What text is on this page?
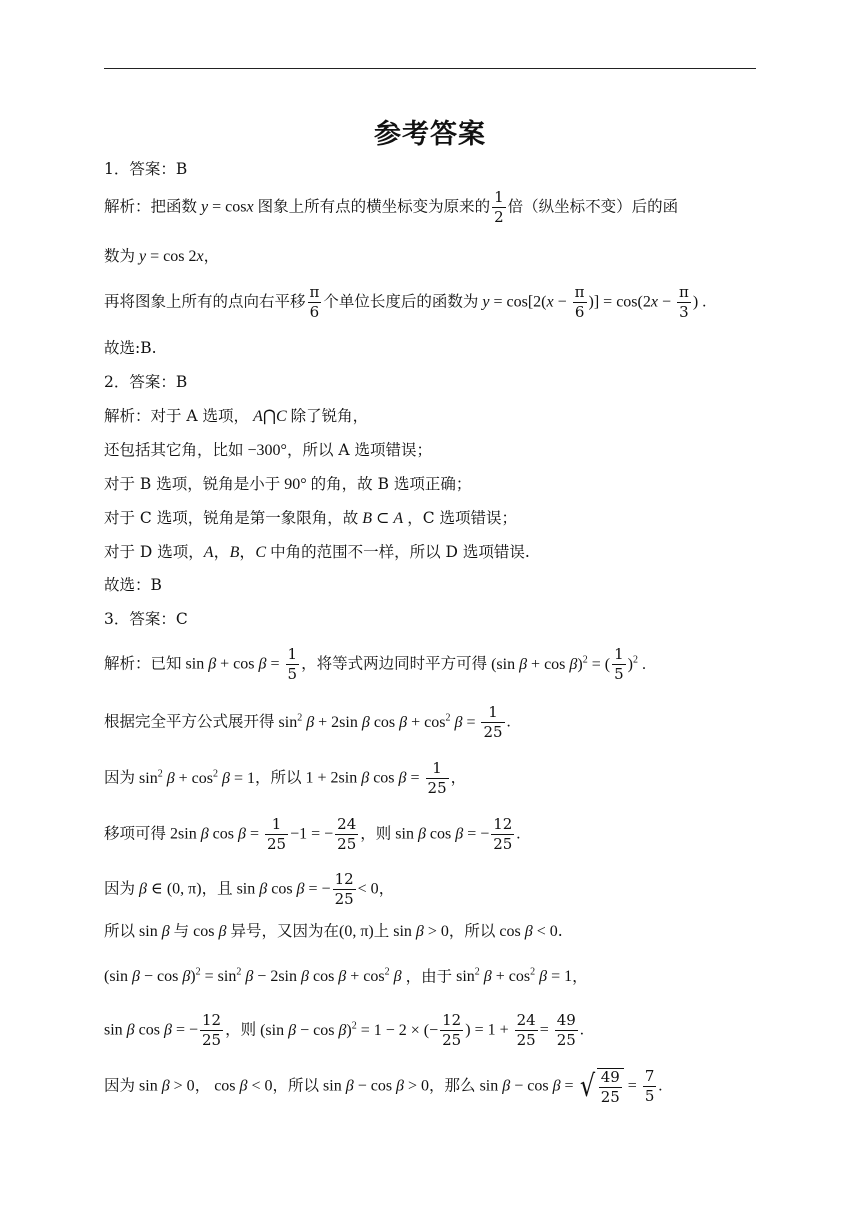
参考答案
1．答案：B
解析：把函数 y = cosx 图象上所有点的横坐标变为原来的 $\frac{1}{2}$ 倍（纵坐标不变）后的函
数为 y = cos 2x，
再将图象上所有的点向右平移 $\frac{\pi}{6}$ 个单位长度后的函数为 $y = \cos[2(x - \frac{\pi}{6}$ )] = $\cos(2x - \frac{\pi}{3}$ ) .
故选:B.
2．答案：B
解析：对于 A 选项， A⋂C 除了锐角，
还包括其它角，比如 −300°，所以 A 选项错误；
对于 B 选项，锐角是小于 90° 的角，故 B 选项正确；
对于 C 选项，锐角是第一象限角，故 B ⊂ A ，C 选项错误；
对于 D 选项，A，B，C 中角的范围不一样，所以 D 选项错误.
故选：B
3．答案：C
解析：已知 $\sin \beta + \cos \beta = \frac{1}{5}$ ，将等式两边同时平方可得 (sin β + cos β)$^2$ = ( $\frac{1}{5} )^2$ .
根据完全平方公式展开得 $\sin^2 \beta + 2\sin$ β $\cos \beta + \cos^2 \beta = \frac{1}{25}$ .
因为 $\sin^2 \beta + \cos^2 \beta = 1$，所以 1 + 2sin β $\cos \beta = \frac{1}{25}$ ，
移项可得 2sin β $\cos \beta = \frac{1}{25} -1$ = − $\frac{24}{25}$ ，则 sin β cos β = − $\frac{12}{25}$ .
因为 β ∈ (0, π)，且 sin β cos β = − $\frac{12}{25} < 0$，
所以 sin β 与 cos β 异号，又因为在(0, π)上 sin β > 0，所以 cos β < 0.
(sin $\beta - \cos \beta)^2 = \sin^2 \beta - 2\sin$ β $\cos \beta + \cos^2 \beta$ ，由于 $\sin^2 \beta + \cos^2 \beta = 1$，
sin β cos β = − $\frac{12}{25}$ ，则 (sin β − cos β)$^2$ = 1 − 2 × (− $\frac{12}{25}$ ) = $1 + \frac{24}{25} = \frac{49}{25}$ .
因为 sin β > 0， cos β < 0，所以 sin β − cos β > 0，那么 sin β − cos β = √ $\frac{49}{25} = \frac{7}{5}$ .
